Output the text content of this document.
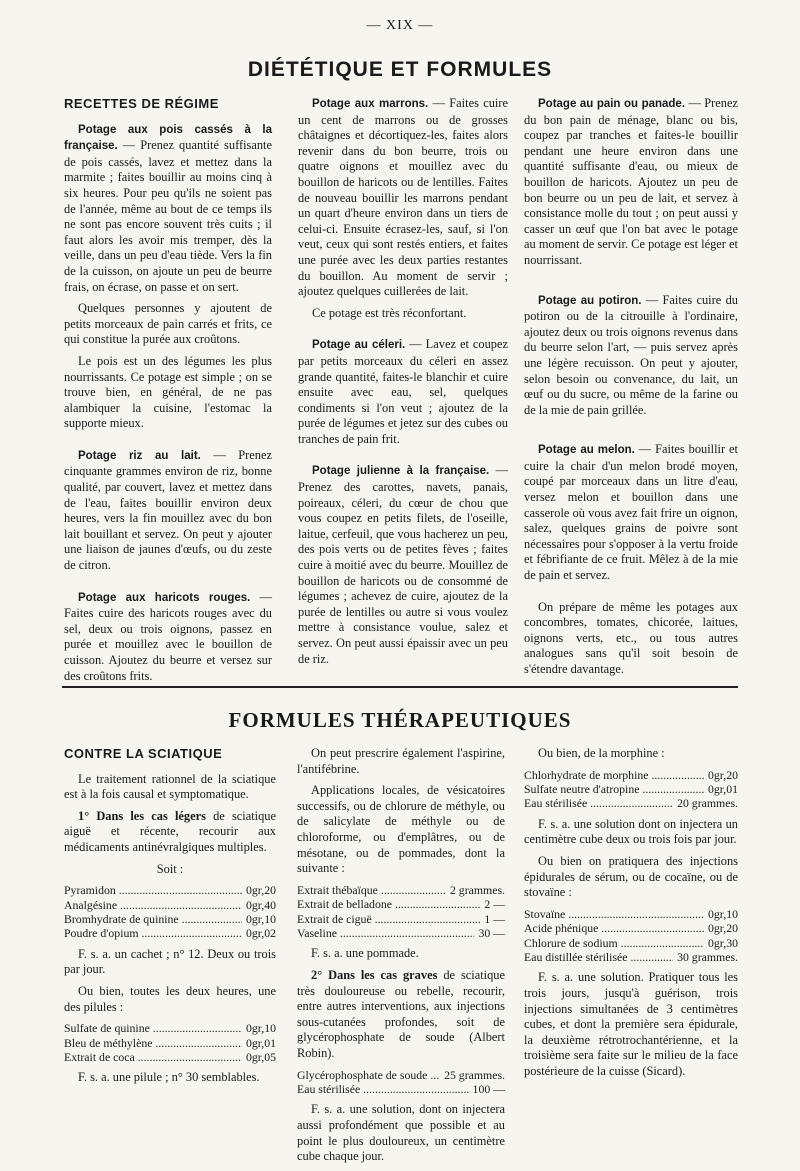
— XIX —
DIÉTÉTIQUE ET FORMULES
RECETTES DE RÉGIME

Potage aux pois cassés à la française. — Prenez quantité suffisante de pois cassés, lavez et mettez dans la marmite ; faites bouillir au moins cinq à six heures. Pour peu qu'ils ne soient pas de l'année, même au bout de ce temps ils ne sont pas encore souvent très cuits ; il faut alors les avoir mis tremper, dès la veille, dans un peu d'eau tiède. Vers la fin de la cuisson, on ajoute un peu de beurre frais, on écrase, on passe et on sert.

Quelques personnes y ajoutent de petits morceaux de pain carrés et frits, ce qui constitue la purée aux croûtons.

Le pois est un des légumes les plus nourrissants. Ce potage est simple ; on se trouve bien, en général, de ne pas alambiquer la cuisine, l'estomac la supporte mieux.

Potage riz au lait. — Prenez cinquante grammes environ de riz, bonne qualité, par couvert, lavez et mettez dans de l'eau, faites bouillir environ deux heures, vers la fin mouillez avec du bon lait bouillant et servez. On peut y ajouter une liaison de jaunes d'œufs, ou du zeste de citron.

Potage aux haricots rouges. — Faites cuire des haricots rouges avec du sel, deux ou trois oignons, passez en purée et mouillez avec le bouillon de cuisson. Ajoutez du beurre et versez sur des croûtons frits.

Potage aux marrons. — Faites cuire un cent de marrons ou de grosses châtaignes et décortiquez-les, faites alors revenir dans du bon beurre, trois ou quatre oignons et mouillez avec du bouillon de haricots ou de lentilles. Faites de nouveau bouillir les marrons pendant un quart d'heure environ dans un tiers de celui-ci. Ensuite écrasez-les, sauf, si l'on veut, ceux qui sont restés entiers, et faites une purée avec les deux parties restantes du bouillon. Au moment de servir ; ajoutez quelques cuillerées de lait.

Ce potage est très réconfortant.

Potage au céleri. — Lavez et coupez par petits morceaux du céleri en assez grande quantité, faites-le blanchir et cuire ensuite avec eau, sel, quelques condiments si l'on veut ; ajoutez de la purée de légumes et jetez sur des cubes ou tranches de pain frit.

Potage julienne à la française. — Prenez des carottes, navets, panais, poireaux, céleri, du cœur de chou que vous coupez en petits filets, de l'oseille, laitue, cerfeuil, que vous hacherez un peu, des pois verts ou de petites fèves ; faites cuire à moitié avec du beurre. Mouillez de bouillon de haricots ou de consommé de légumes ; achevez de cuire, ajoutez de la purée de lentilles ou autre si vous voulez mettre à consistance voulue, salez et servez. On peut aussi épaissir avec un peu de riz.

Potage au pain ou panade. — Prenez du bon pain de ménage, blanc ou bis, coupez par tranches et faites-le bouillir pendant une heure environ dans une quantité suffisante d'eau, ou mieux de bouillon de haricots. Ajoutez un peu de bon beurre ou un peu de lait, et servez à consistance molle du tout ; on peut aussi y casser un œuf que l'on bat avec le potage au moment de servir. Ce potage est léger et nourrissant.

Potage au potiron. — Faites cuire du potiron ou de la citrouille à l'ordinaire, ajoutez deux ou trois oignons revenus dans du beurre selon l'art, — puis servez après une légère recuisson. On peut y ajouter, selon besoin ou convenance, du lait, un œuf ou du sucre, ou même de la farine ou de la mie de pain grillée.

Potage au melon. — Faites bouillir et cuire la chair d'un melon brodé moyen, coupé par morceaux dans un litre d'eau, versez melon et bouillon dans une casserole où vous avez fait frire un oignon, salez, quelques grains de poivre sont nécessaires pour s'opposer à la vertu froide et fébrifiante de ce fruit. Mêlez à de la mie de pain et servez.

On prépare de même les potages aux concombres, tomates, chicorée, laitues, oignons verts, etc., ou tous autres analogues sans qu'il soit besoin de s'étendre davantage.

FORMULES THÉRAPEUTIQUES
CONTRE LA SCIATIQUE

Le traitement rationnel de la sciatique est à la fois causal et symptomatique.

1° Dans les cas légers de sciatique aiguë et récente, recourir aux médicaments antinévralgiques multiples.

Soit :

Pyramidon .....	0gr,20
Analgésine .....	0gr,40
Bromhydrate de quinine .....	0gr,10
Poudre d'opium .....	0gr,02

F. s. a. un cachet ; n° 12. Deux ou trois par jour.

Ou bien, toutes les deux heures, une des pilules :

Sulfate de quinine .....	0gr,10
Bleu de méthylène .....	0gr,01
Extrait de coca .....	0gr,05

F. s. a. une pilule ; n° 30 semblables.

On peut prescrire également l'aspirine, l'antifébrine.

Applications locales, de vésicatoires successifs, ou de chlorure de méthyle, ou de salicylate de méthyle ou de chloroforme, ou d'emplâtres, ou de mésotane, ou de pommades, dont la suivante :

Extrait thébaïque .....	2 grammes.
Extrait de belladone .....	2 —
Extrait de ciguë .....	1 —
Vaseline .....	30 —

F. s. a. une pommade.

2° Dans les cas graves de sciatique très douloureuse ou rebelle, recourir, entre autres interventions, aux injections sous-cutanées profondes, soit de glycérophosphate de soude (Albert Robin).

Glycérophosphate de soude .....	25 grammes.
Eau stérilisée .....	100 —

F. s. a. une solution, dont on injectera aussi profondément que possible et au point le plus douloureux, un centimètre cube chaque jour.

Ou bien, de la morphine :

Chlorhydrate de morphine .....	0gr,20
Sulfate neutre d'atropine .....	0gr,01
Eau stérilisée .....	20 grammes.

F. s. a. une solution dont on injectera un centimètre cube deux ou trois fois par jour.

Ou bien on pratiquera des injections épidurales de sérum, ou de cocaïne, ou de stovaïne :

Stovaïne .....	0gr,10
Acide phénique .....	0gr,20
Chlorure de sodium .....	0gr,30
Eau distillée stérilisée .....	30 grammes.

F. s. a. une solution. Pratiquer tous les trois jours, jusqu'à guérison, trois injections simultanées de 3 centimètres cubes, et dont la première sera épidurale, la deuxième rétrotrochantérienne, et la troisième sera faite sur le milieu de la face postérieure de la cuisse (Sicard).
